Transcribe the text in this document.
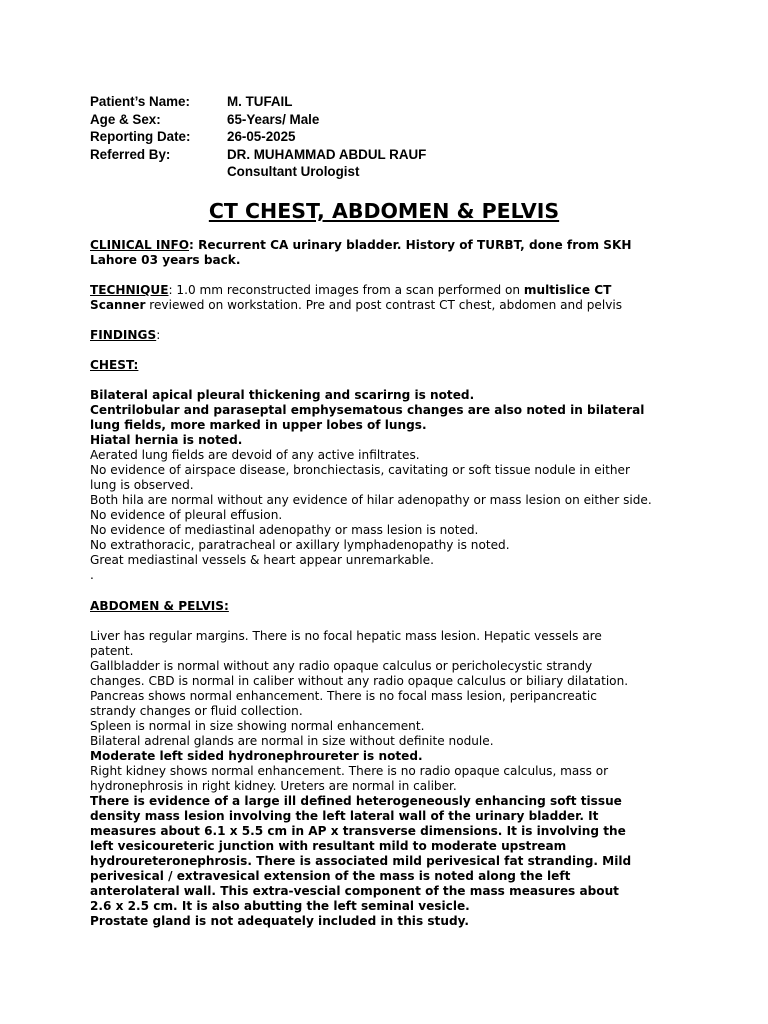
Patient’s Name:	M. TUFAIL
Age & Sex:	65-Years/ Male
Reporting Date:	26-05-2025
Referred By:	DR. MUHAMMAD ABDUL RAUF
Consultant Urologist
CT CHEST, ABDOMEN & PELVIS
CLINICAL INFO: Recurrent CA urinary bladder. History of TURBT, done from SKH
Lahore 03 years back.
TECHNIQUE: 1.0 mm reconstructed images from a scan performed on multislice CT
Scanner reviewed on workstation. Pre and post contrast CT chest, abdomen and pelvis
FINDINGS:
CHEST:
Bilateral apical pleural thickening and scarirng is noted.
Centrilobular and paraseptal emphysematous changes are also noted in bilateral
lung fields, more marked in upper lobes of lungs.
Hiatal hernia is noted.
Aerated lung fields are devoid of any active infiltrates.
No evidence of airspace disease, bronchiectasis, cavitating or soft tissue nodule in either
lung is observed.
Both hila are normal without any evidence of hilar adenopathy or mass lesion on either side.
No evidence of pleural effusion.
No evidence of mediastinal adenopathy or mass lesion is noted.
No extrathoracic, paratracheal or axillary lymphadenopathy is noted.
Great mediastinal vessels & heart appear unremarkable.
.
ABDOMEN & PELVIS:
Liver has regular margins. There is no focal hepatic mass lesion. Hepatic vessels are
patent.
Gallbladder is normal without any radio opaque calculus or pericholecystic strandy
changes. CBD is normal in caliber without any radio opaque calculus or biliary dilatation.
Pancreas shows normal enhancement. There is no focal mass lesion, peripancreatic
strandy changes or fluid collection.
Spleen is normal in size showing normal enhancement.
Bilateral adrenal glands are normal in size without definite nodule.
Moderate left sided hydronephroureter is noted.
Right kidney shows normal enhancement. There is no radio opaque calculus, mass or
hydronephrosis in right kidney. Ureters are normal in caliber.
There is evidence of a large ill defined heterogeneously enhancing soft tissue
density mass lesion involving the left lateral wall of the urinary bladder. It
measures about 6.1 x 5.5 cm in AP x transverse dimensions. It is involving the
left vesicoureteric junction with resultant mild to moderate upstream
hydroureteronephrosis. There is associated mild perivesical fat stranding. Mild
perivesical / extravesical extension of the mass is noted along the left
anterolateral wall. This extra-vescial component of the mass measures about
2.6 x 2.5 cm. It is also abutting the left seminal vesicle.
Prostate gland is not adequately included in this study.
